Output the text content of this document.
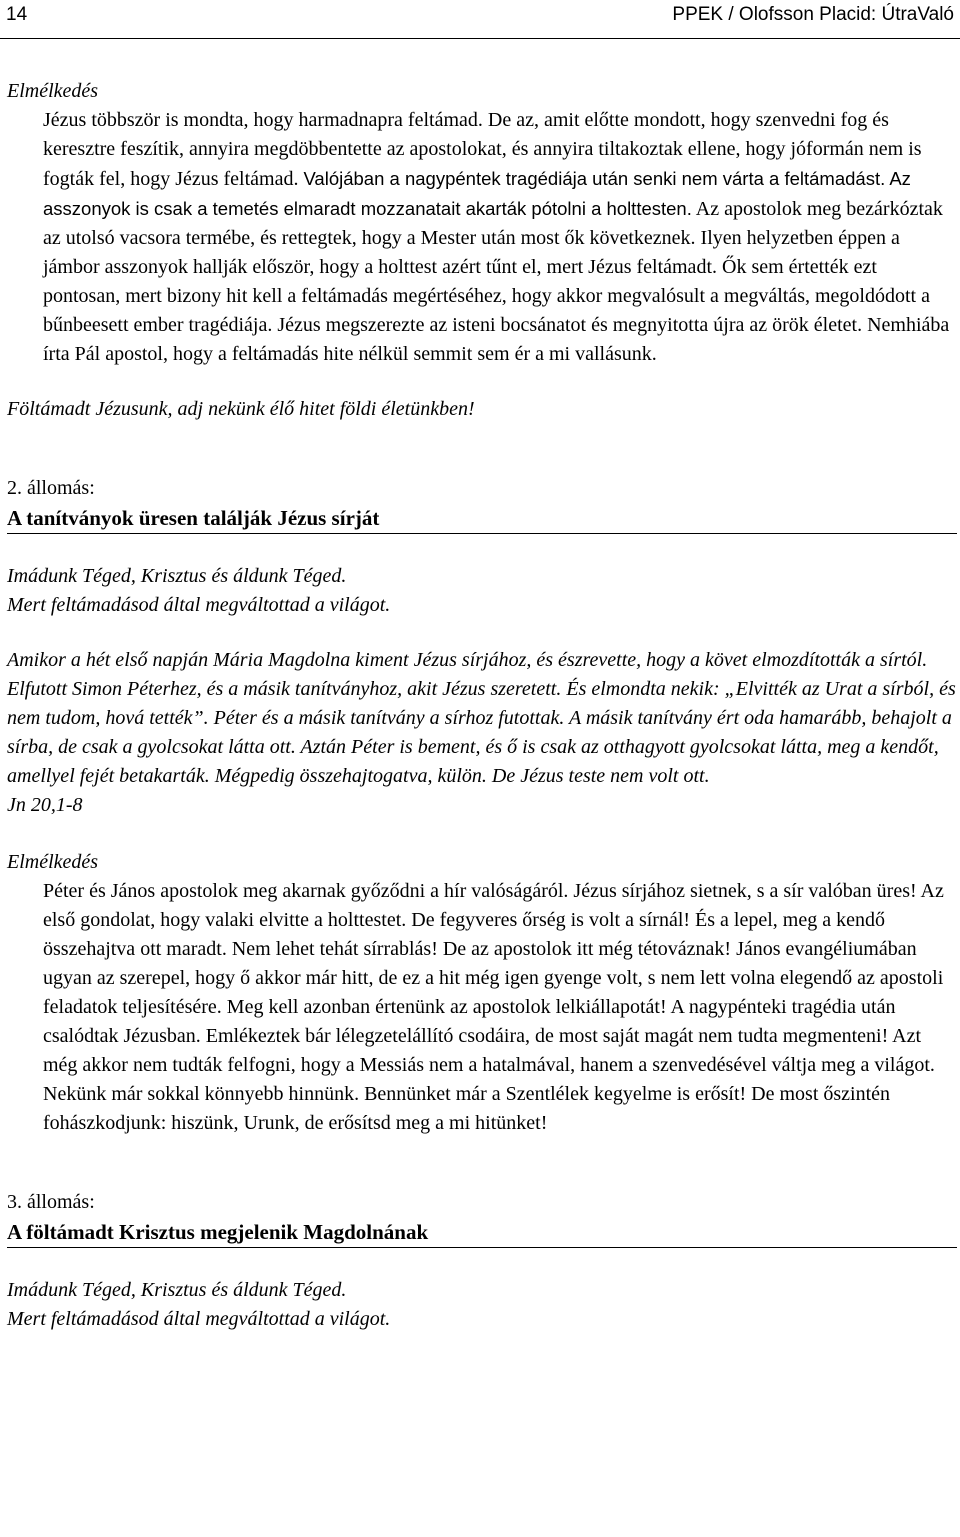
14	PPEK / Olofsson Placid: ÚtraValó

Elmélkedés

Jézus többször is mondta, hogy harmadnapra feltámad. De az, amit előtte mondott, hogy szenvedni fog és keresztre feszítik, annyira megdöbbentette az apostolokat, és annyira tiltakoztak ellene, hogy jóformán nem is fogták fel, hogy Jézus feltámad. Valójában a nagypéntek tragédiája után senki nem várta a feltámadást. Az asszonyok is csak a temetés elmaradt mozzanatait akarták pótolni a holttesten. Az apostolok meg bezárkóztak az utolsó vacsora termébe, és rettegtek, hogy a Mester után most ők következnek. Ilyen helyzetben éppen a jámbor asszonyok hallják először, hogy a holttest azért tűnt el, mert Jézus feltámadt. Ők sem értették ezt pontosan, mert bizony hit kell a feltámadás megértéséhez, hogy akkor megvalósult a megváltás, megoldódott a bűnbeesett ember tragédiája. Jézus megszerezte az isteni bocsánatot és megnyitotta újra az örök életet. Nemhiába írta Pál apostol, hogy a feltámadás hite nélkül semmit sem ér a mi vallásunk.

Föltámadt Jézusunk, adj nekünk élő hitet földi életünkben!

2. állomás:

A tanítványok üresen találják Jézus sírját

Imádunk Téged, Krisztus és áldunk Téged.

Mert feltámadásod által megváltottad a világot.

Amikor a hét első napján Mária Magdolna kiment Jézus sírjához, és észrevette, hogy a követ elmozdították a sírtól. Elfutott Simon Péterhez, és a másik tanítványhoz, akit Jézus szeretett. És elmondta nekik: „Elvitték az Urat a sírból, és nem tudom, hová tették”. Péter és a másik tanítvány a sírhoz futottak. A másik tanítvány ért oda hamarább, behajolt a sírba, de csak a gyolcsokat látta ott. Aztán Péter is bement, és ő is csak az otthagyott gyolcsokat látta, meg a kendőt, amellyel fejét betakarták. Mégpedig összehajtogatva, külön. De Jézus teste nem volt ott.

Jn 20,1-8

Elmélkedés

Péter és János apostolok meg akarnak győződni a hír valóságáról. Jézus sírjához sietnek, s a sír valóban üres! Az első gondolat, hogy valaki elvitte a holttestet. De fegyveres őrség is volt a sírnál! És a lepel, meg a kendő összehajtva ott maradt. Nem lehet tehát sírrablás! De az apostolok itt még tétováznak! János evangéliumában ugyan az szerepel, hogy ő akkor már hitt, de ez a hit még igen gyenge volt, s nem lett volna elegendő az apostoli feladatok teljesítésére. Meg kell azonban értenünk az apostolok lelkiállapotát! A nagypénteki tragédia után csalódtak Jézusban. Emlékeztek bár lélegzetelállító csodáira, de most saját magát nem tudta megmenteni! Azt még akkor nem tudták felfogni, hogy a Messiás nem a hatalmával, hanem a szenvedésével váltja meg a világot. Nekünk már sokkal könnyebb hinnünk. Bennünket már a Szentlélek kegyelme is erősít! De most őszintén fohászkodjunk: hiszünk, Urunk, de erősítsd meg a mi hitünket!

3. állomás:

A föltámadt Krisztus megjelenik Magdolnának

Imádunk Téged, Krisztus és áldunk Téged.

Mert feltámadásod által megváltottad a világot.
